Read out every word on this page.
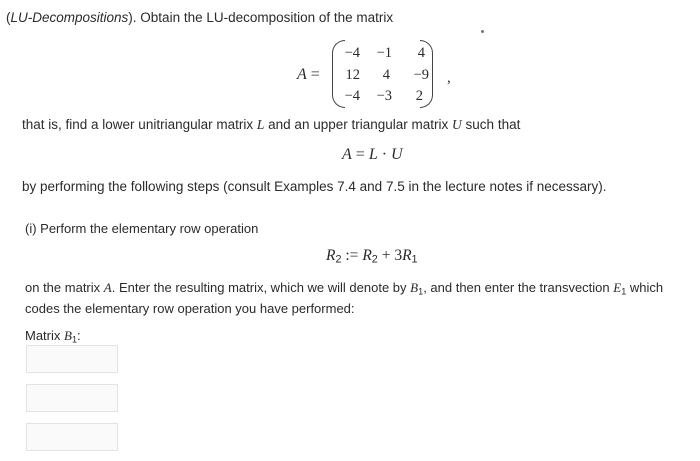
(LU-Decompositions). Obtain the LU-decomposition of the matrix
A =
−4	−1	4
12	4	−9
−4	−3	2
,
that is, find a lower unitriangular matrix L and an upper triangular matrix U such that
A = L · U
by performing the following steps (consult Examples 7.4 and 7.5 in the lecture notes if necessary).
(i) Perform the elementary row operation
$R_2$ := $R_2 + 3R_1$
on the matrix A. Enter the resulting matrix, which we will denote by $B_1$, and then enter the transvection $E_1$ which codes the elementary row operation you have performed:
Matrix $B_1$:
